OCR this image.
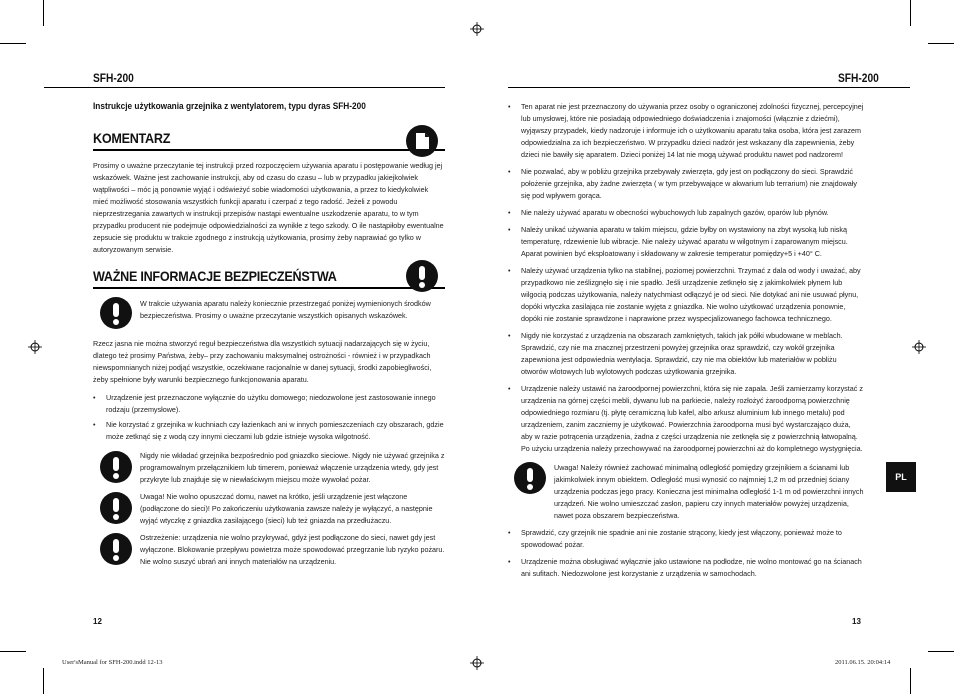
SFH-200	SFH-200
Instrukcje użytkowania grzejnika z wentylatorem, typu dyras SFH-200
KOMENTARZ
Prosimy o uważne przeczytanie tej instrukcji przed rozpoczęciem używania aparatu i postępowanie według jej wskazówek. Ważne jest zachowanie instrukcji, aby od czasu do czasu – lub w przypadku jakiejkolwiek wątpliwości – móc ją ponownie wyjąć i odświeżyć sobie wiadomości użytkowania, a przez to kiedykolwiek mieć możliwość stosowania wszystkich funkcji aparatu i czerpać z tego radość. Jeżeli z powodu nieprzestrzegania zawartych w instrukcji przepisów nastąpi ewentualne uszkodzenie aparatu, to w tym przypadku producent nie podejmuje odpowiedzialności za wynikłe z tego szkody. O ile nastąpiłoby ewentualne zepsucie się produktu w trakcie zgodnego z instrukcją użytkowania, prosimy żeby naprawiać go tylko w autoryzowanym serwisie.
WAŻNE INFORMACJE BEZPIECZEŃSTWA
W trakcie używania aparatu należy koniecznie przestrzegać poniżej wymienionych środków bezpieczeństwa. Prosimy o uważne przeczytanie wszystkich opisanych wskazówek.
Rzecz jasna nie można stworzyć reguł bezpieczeństwa dla wszystkich sytuacji nadarzających się w życiu, dlatego też prosimy Państwa, żeby– przy zachowaniu maksymalnej ostrożności - również i w przypadkach niewspomnianych niżej podjąć wszystkie, oczekiwane racjonalnie w danej sytuacji, środki zapobiegliwości, żeby spełnione były warunki bezpiecznego funkcjonowania aparatu.
• Urządzenie jest przeznaczone wyłącznie do użytku domowego; niedozwolone jest zastosowanie innego rodzaju (przemysłowe).
• Nie korzystać z grzejnika w kuchniach czy łazienkach ani w innych pomieszczeniach czy obszarach, gdzie może zetknąć się z wodą czy innymi cieczami lub gdzie istnieje wysoka wilgotność.
Nigdy nie wkładać grzejnika bezpośrednio pod gniazdko sieciowe. Nigdy nie używać grzejnika z programowalnym przełącznikiem lub timerem, ponieważ włączenie urządzenia wtedy, gdy jest przykryte lub znajduje się w niewłaściwym miejscu może wywołać pożar.
Uwaga! Nie wolno opuszczać domu, nawet na krótko, jeśli urządzenie jest włączone (podłączone do sieci)! Po zakończeniu użytkowania zawsze należy je wyłączyć, a następnie wyjąć wtyczkę z gniazdka zasilającego (sieci) lub też gniazda na przedłużaczu.
Ostrzeżenie: urządzenia nie wolno przykrywać, gdyż jest podłączone do sieci, nawet gdy jest wyłączone. Blokowanie przepływu powietrza może spowodować przegrzanie lub ryzyko pożaru. Nie wolno suszyć ubrań ani innych materiałów na urządzeniu.
12
• Ten aparat nie jest przeznaczony do używania przez osoby o ograniczonej zdolności fizycznej, percepcyjnej lub umysłowej, które nie posiadają odpowiedniego doświadczenia i znajomości (włącznie z dziećmi), wyjąwszy przypadek, kiedy nadzoruje i informuje ich o użytkowaniu aparatu taka osoba, która jest zarazem odpowiedzialna za ich bezpieczeństwo. W przypadku dzieci nadzór jest wskazany dla zapewnienia, żeby dzieci nie bawiły się aparatem. Dzieci poniżej 14 lat nie mogą używać produktu nawet pod nadzorem!
• Nie pozwalać, aby w pobliżu grzejnika przebywały zwierzęta, gdy jest on podłączony do sieci. Sprawdzić położenie grzejnika, aby żadne zwierzęta ( w tym przebywające w akwarium lub terrarium) nie znajdowały się pod wpływem gorąca.
• Nie należy używać aparatu w obecności wybuchowych lub zapalnych gazów, oparów lub płynów.
• Należy unikać używania aparatu w takim miejscu, gdzie byłby on wystawiony na zbyt wysoką lub niską temperaturę, rdzewienie lub wibracje. Nie należy używać aparatu w wilgotnym i zaparowanym miejscu. Aparat powinien być eksploatowany i składowany w zakresie temperatur pomiędzy+5 i +40° C.
• Należy używać urządzenia tylko na stabilnej, poziomej powierzchni. Trzymać z dala od wody i uważać, aby przypadkowo nie ześlizgnęło się i nie spadło. Jeśli urządzenie zetknęło się z jakimkolwiek płynem lub wilgocią podczas użytkowania, należy natychmiast odłączyć je od sieci. Nie dotykać ani nie usuwać płynu, dopóki wtyczka zasilająca nie zostanie wyjęta z gniazdka. Nie wolno użytkować urządzenia ponownie, dopóki nie zostanie sprawdzone i naprawione przez wyspecjalizowanego fachowca technicznego.
• Nigdy nie korzystać z urządzenia na obszarach zamkniętych, takich jak półki wbudowane w meblach. Sprawdzić, czy nie ma znacznej przestrzeni powyżej grzejnika oraz sprawdzić, czy wokół grzejnika zapewniona jest odpowiednia wentylacja. Sprawdzić, czy nie ma obiektów lub materiałów w pobliżu otworów wlotowych lub wylotowych podczas użytkowania grzejnika.
• Urządzenie należy ustawić na żaroodpornej powierzchni, która się nie zapala. Jeśli zamierzamy korzystać z urządzenia na górnej części mebli, dywanu lub na parkiecie, należy rozłożyć żaroodporną powierzchnię odpowiedniego rozmiaru (tj. płytę ceramiczną lub kafel, albo arkusz aluminium lub innego metalu) pod urządzeniem, zanim zaczniemy je użytkować. Powierzchnia żaroodporna musi być wystarczająco duża, aby w razie potrącenia urządzenia, żadna z części urządzenia nie zetknęła się z powierzchnią łatwopalną. Po użyciu urządzenia należy przechowywać na żaroodpornej powierzchni aż do kompletnego wystygnięcia.
Uwaga! Należy również zachować minimalną odległość pomiędzy grzejnikiem a ścianami lub jakimkolwiek innym obiektem. Odległość musi wynosić co najmniej 1,2 m od przedniej ściany urządzenia podczas jego pracy. Konieczna jest minimalna odległość 1-1 m od powierzchni innych urządzeń. Nie wolno umieszczać zasłon, papieru czy innych materiałów powyżej urządzenia, nawet poza obszarem bezpieczeństwa.
• Sprawdzić, czy grzejnik nie spadnie ani nie zostanie strącony, kiedy jest włączony, ponieważ może to spowodować pożar.
• Urządzenie można obsługiwać wyłącznie jako ustawione na podłodze, nie wolno montować go na ścianach ani sufitach. Niedozwolone jest korzystanie z urządzenia w samochodach.
PL
13
User'sManual for SFH-200.indd 12-13	2011.06.15. 20:04:14
